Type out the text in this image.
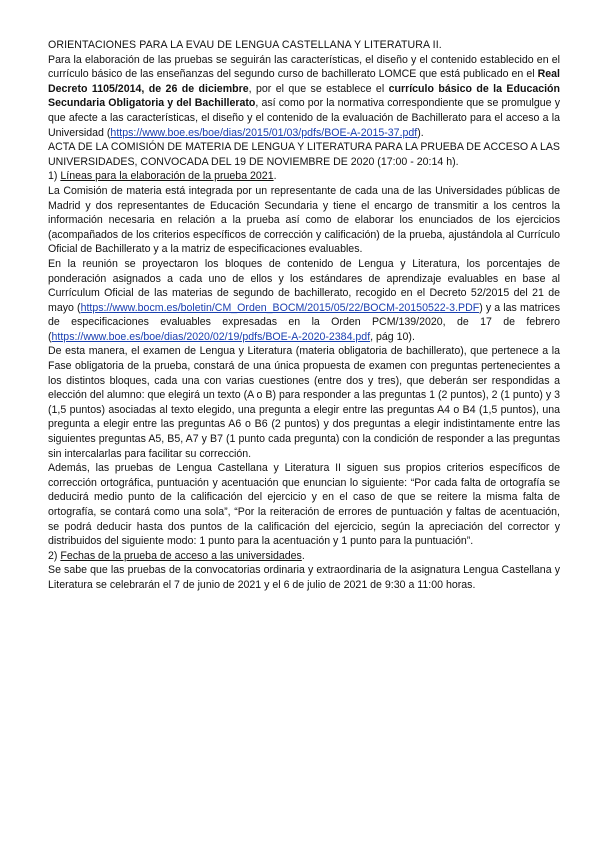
ORIENTACIONES PARA LA EVAU DE LENGUA CASTELLANA Y LITERATURA II.

Para la elaboración de las pruebas se seguirán las características, el diseño y el contenido establecido en el currículo básico de las enseñanzas del segundo curso de bachillerato LOMCE que está publicado en el Real Decreto 1105/2014, de 26 de diciembre, por el que se establece el currículo básico de la Educación Secundaria Obligatoria y del Bachillerato, así como por la normativa correspondiente que se promulgue y que afecte a las características, el diseño y el contenido de la evaluación de Bachillerato para el acceso a la Universidad (https://www.boe.es/boe/dias/2015/01/03/pdfs/BOE-A-2015-37.pdf).

ACTA DE LA COMISIÓN DE MATERIA DE LENGUA Y LITERATURA PARA LA PRUEBA DE ACCESO A LAS UNIVERSIDADES, CONVOCADA DEL 19 DE NOVIEMBRE DE 2020 (17:00 - 20:14 h).

1) Líneas para la elaboración de la prueba 2021.

La Comisión de materia está integrada por un representante de cada una de las Universidades públicas de Madrid y dos representantes de Educación Secundaria y tiene el encargo de transmitir a los centros la información necesaria en relación a la prueba así como de elaborar los enunciados de los ejercicios (acompañados de los criterios específicos de corrección y calificación) de la prueba, ajustándola al Currículo Oficial de Bachillerato y a la matriz de especificaciones evaluables.

En la reunión se proyectaron los bloques de contenido de Lengua y Literatura, los porcentajes de ponderación asignados a cada uno de ellos y los estándares de aprendizaje evaluables en base al Currículum Oficial de las materias de segundo de bachillerato, recogido en el Decreto 52/2015 del 21 de mayo (https://www.bocm.es/boletin/CM_Orden_BOCM/2015/05/22/BOCM-20150522-3.PDF) y a las matrices de especificaciones evaluables expresadas en la Orden PCM/139/2020, de 17 de febrero (https://www.boe.es/boe/dias/2020/02/19/pdfs/BOE-A-2020-2384.pdf, pág 10).

De esta manera, el examen de Lengua y Literatura (materia obligatoria de bachillerato), que pertenece a la Fase obligatoria de la prueba, constará de una única propuesta de examen con preguntas pertenecientes a los distintos bloques, cada una con varias cuestiones (entre dos y tres), que deberán ser respondidas a elección del alumno: que elegirá un texto (A o B) para responder a las preguntas 1 (2 puntos), 2 (1 punto) y 3 (1,5 puntos) asociadas al texto elegido, una pregunta a elegir entre las preguntas A4 o B4 (1,5 puntos), una pregunta a elegir entre las preguntas A6 o B6 (2 puntos) y dos preguntas a elegir indistintamente entre las siguientes preguntas A5, B5, A7 y B7 (1 punto cada pregunta) con la condición de responder a las preguntas sin intercalarlas para facilitar su corrección.

Además, las pruebas de Lengua Castellana y Literatura II siguen sus propios criterios específicos de corrección ortográfica, puntuación y acentuación que enuncian lo siguiente: “Por cada falta de ortografía se deducirá medio punto de la calificación del ejercicio y en el caso de que se reitere la misma falta de ortografía, se contará como una sola”, “Por la reiteración de errores de puntuación y faltas de acentuación, se podrá deducir hasta dos puntos de la calificación del ejercicio, según la apreciación del corrector y distribuidos del siguiente modo: 1 punto para la acentuación y 1 punto para la puntuación”.

2) Fechas de la prueba de acceso a las universidades.

Se sabe que las pruebas de la convocatorias ordinaria y extraordinaria de la asignatura Lengua Castellana y Literatura se celebrarán el 7 de junio de 2021 y el 6 de julio de 2021 de 9:30 a 11:00 horas.
